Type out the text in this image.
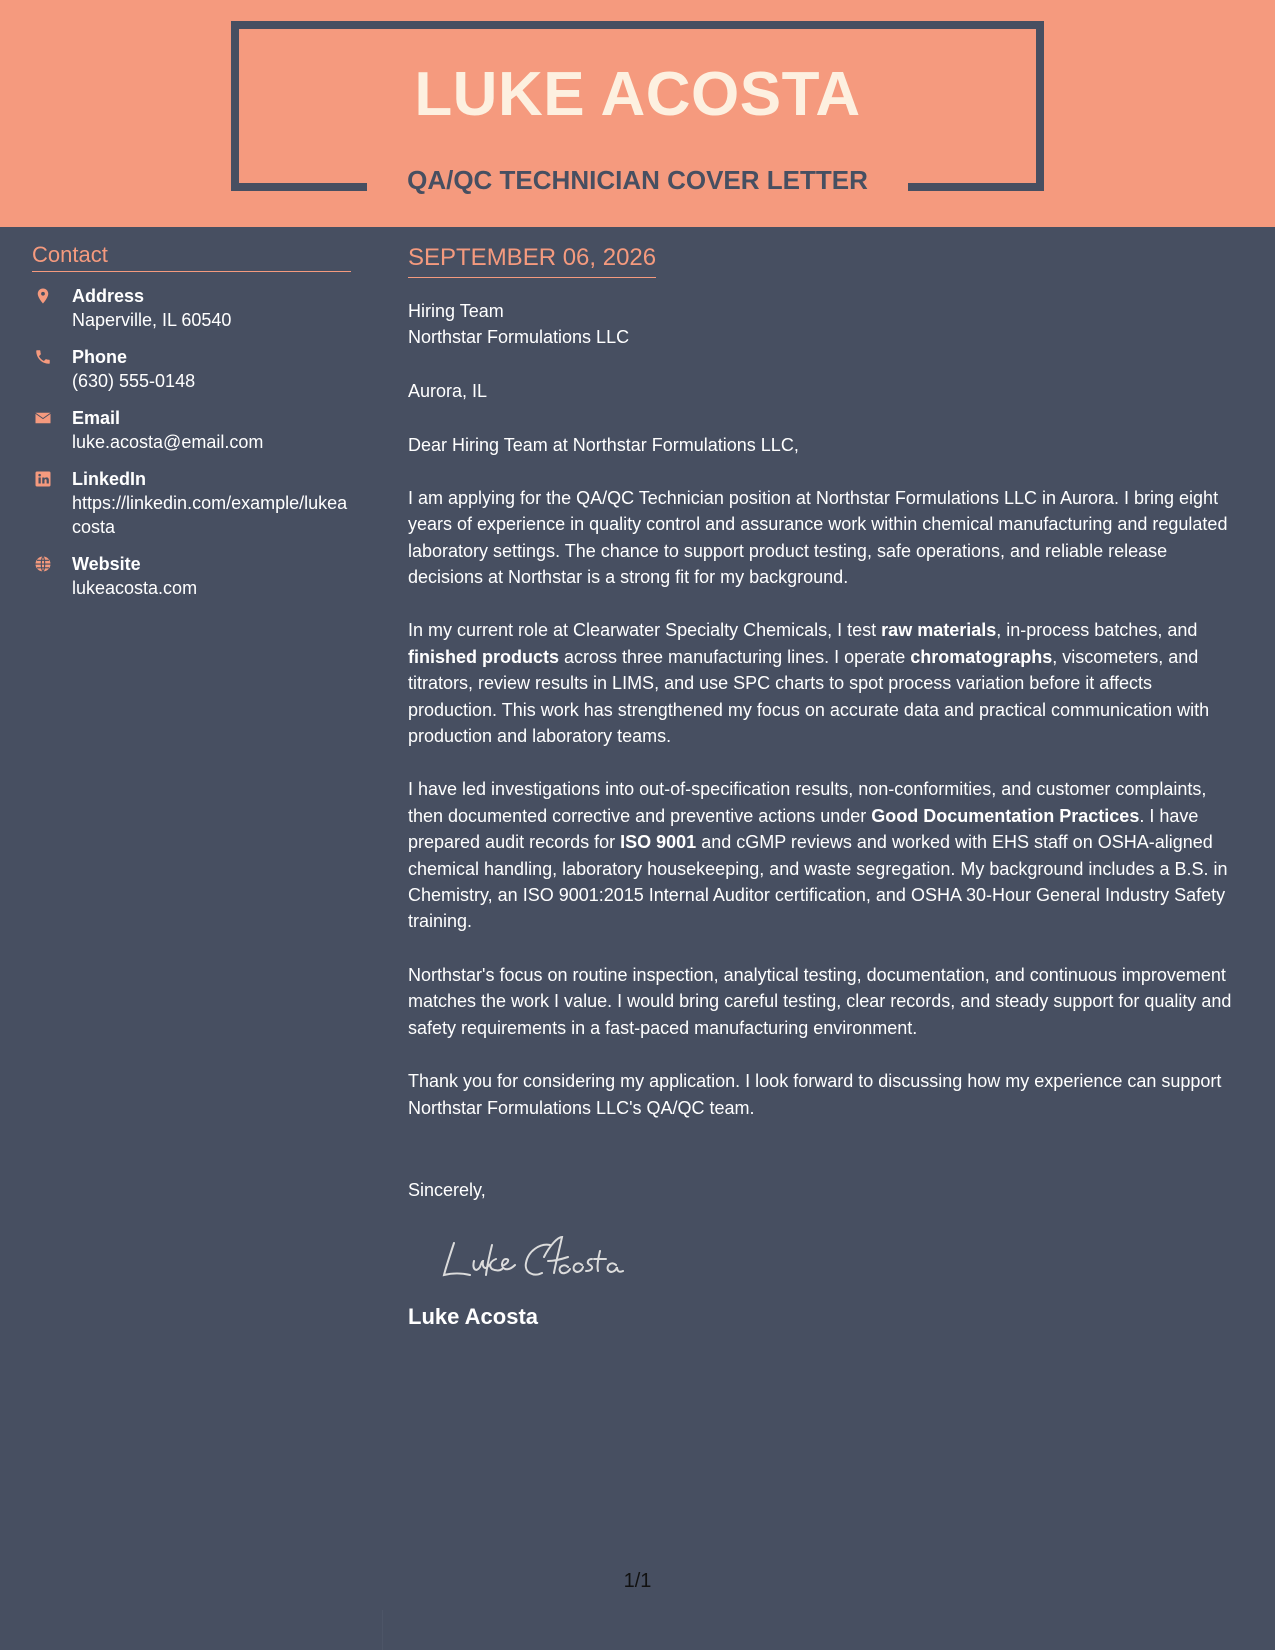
LUKE ACOSTA
QA/QC TECHNICIAN COVER LETTER
Contact
Address
Naperville, IL 60540
Phone
(630) 555-0148
Email
luke.acosta@email.com
LinkedIn
https://linkedin.com/example/lukeacosta
Website
lukeacosta.com
SEPTEMBER 06, 2026
Hiring Team
Northstar Formulations LLC
Aurora, IL
Dear Hiring Team at Northstar Formulations LLC,
I am applying for the QA/QC Technician position at Northstar Formulations LLC in Aurora. I bring eight years of experience in quality control and assurance work within chemical manufacturing and regulated laboratory settings. The chance to support product testing, safe operations, and reliable release decisions at Northstar is a strong fit for my background.
In my current role at Clearwater Specialty Chemicals, I test raw materials, in-process batches, and finished products across three manufacturing lines. I operate chromatographs, viscometers, and titrators, review results in LIMS, and use SPC charts to spot process variation before it affects production. This work has strengthened my focus on accurate data and practical communication with production and laboratory teams.
I have led investigations into out-of-specification results, non-conformities, and customer complaints, then documented corrective and preventive actions under Good Documentation Practices. I have prepared audit records for ISO 9001 and cGMP reviews and worked with EHS staff on OSHA-aligned chemical handling, laboratory housekeeping, and waste segregation. My background includes a B.S. in Chemistry, an ISO 9001:2015 Internal Auditor certification, and OSHA 30-Hour General Industry Safety training.
Northstar's focus on routine inspection, analytical testing, documentation, and continuous improvement matches the work I value. I would bring careful testing, clear records, and steady support for quality and safety requirements in a fast-paced manufacturing environment.
Thank you for considering my application. I look forward to discussing how my experience can support Northstar Formulations LLC's QA/QC team.
Sincerely,
Luke Acosta
1/1
